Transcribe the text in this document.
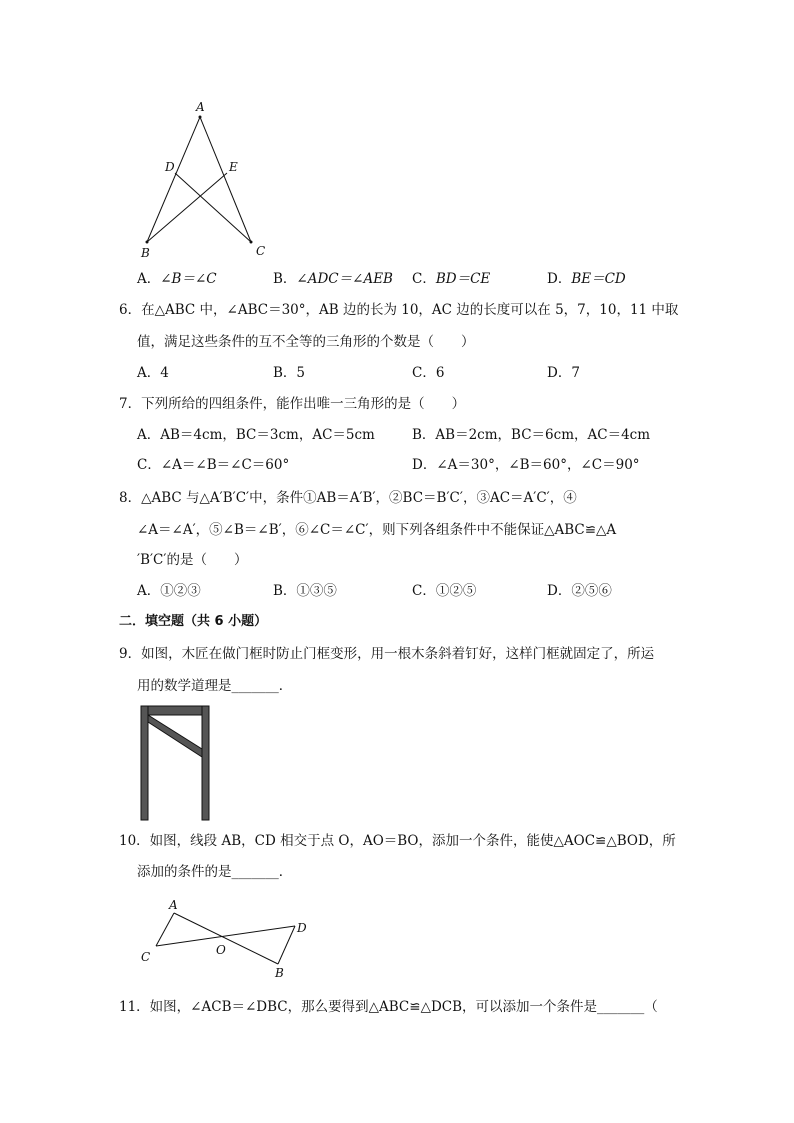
A
D	E
B	C
A．∠B＝∠C	B．∠ADC＝∠AEB C．BD＝CE	D．BE＝CD
6．在△ABC 中，∠ABC＝30°，AB 边的长为 10，AC 边的长度可以在 5，7，10，11 中取
值，满足这些条件的互不全等的三角形的个数是（　　）
A．4	B．5	C．6	D．7
7．下列所给的四组条件，能作出唯一三角形的是（　　）
A．AB＝4cm，BC＝3cm，AC＝5cm	B．AB＝2cm，BC＝6cm，AC＝4cm
C．∠A＝∠B＝∠C＝60°	D．∠A＝30°，∠B＝60°，∠C＝90°
8．△ABC 与△A′B′C′中，条件①AB＝A′B′，②BC＝B′C′，③AC＝A′C′，④
∠A＝∠A′，⑤∠B＝∠B′，⑥∠C＝∠C′，则下列各组条件中不能保证△ABC≌△A
′B′C′的是（　　）
A．①②③	B．①③⑤	C．①②⑤	D．②⑤⑥
二．填空题（共 6 小题）
9．如图，木匠在做门框时防止门框变形，用一根木条斜着钉好，这样门框就固定了，所运
用的数学道理是_______．
10．如图，线段 AB，CD 相交于点 O，AO＝BO，添加一个条件，能使△AOC≌△BOD，所
添加的条件的是_______．
A
C	O
D
B
11．如图，∠ACB＝∠DBC，那么要得到△ABC≌△DCB，可以添加一个条件是_______（
